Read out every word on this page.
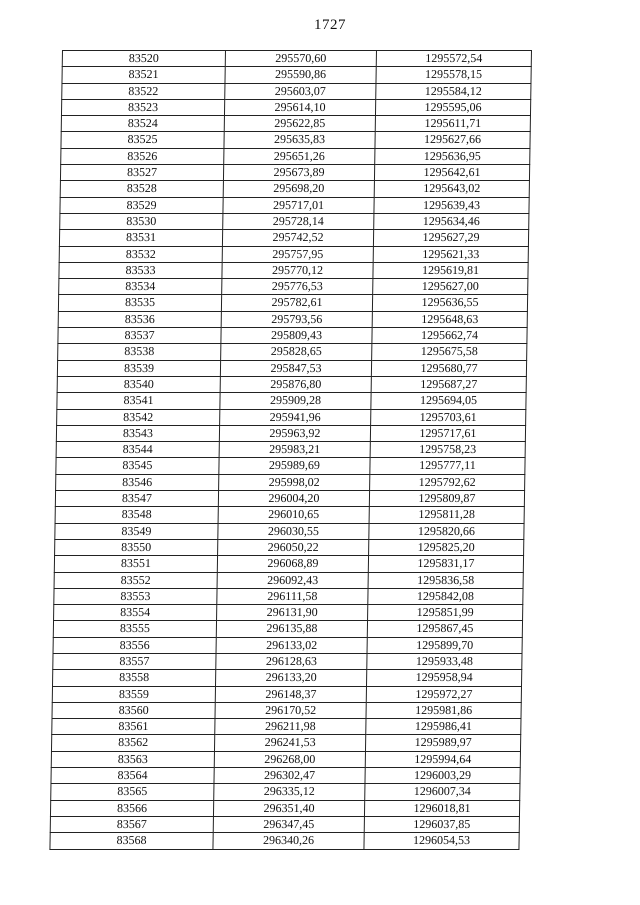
1727
83520	295570,60	1295572,54
83521	295590,86	1295578,15
83522	295603,07	1295584,12
83523	295614,10	1295595,06
83524	295622,85	1295611,71
83525	295635,83	1295627,66
83526	295651,26	1295636,95
83527	295673,89	1295642,61
83528	295698,20	1295643,02
83529	295717,01	1295639,43
83530	295728,14	1295634,46
83531	295742,52	1295627,29
83532	295757,95	1295621,33
83533	295770,12	1295619,81
83534	295776,53	1295627,00
83535	295782,61	1295636,55
83536	295793,56	1295648,63
83537	295809,43	1295662,74
83538	295828,65	1295675,58
83539	295847,53	1295680,77
83540	295876,80	1295687,27
83541	295909,28	1295694,05
83542	295941,96	1295703,61
83543	295963,92	1295717,61
83544	295983,21	1295758,23
83545	295989,69	1295777,11
83546	295998,02	1295792,62
83547	296004,20	1295809,87
83548	296010,65	1295811,28
83549	296030,55	1295820,66
83550	296050,22	1295825,20
83551	296068,89	1295831,17
83552	296092,43	1295836,58
83553	296111,58	1295842,08
83554	296131,90	1295851,99
83555	296135,88	1295867,45
83556	296133,02	1295899,70
83557	296128,63	1295933,48
83558	296133,20	1295958,94
83559	296148,37	1295972,27
83560	296170,52	1295981,86
83561	296211,98	1295986,41
83562	296241,53	1295989,97
83563	296268,00	1295994,64
83564	296302,47	1296003,29
83565	296335,12	1296007,34
83566	296351,40	1296018,81
83567	296347,45	1296037,85
83568	296340,26	1296054,53
